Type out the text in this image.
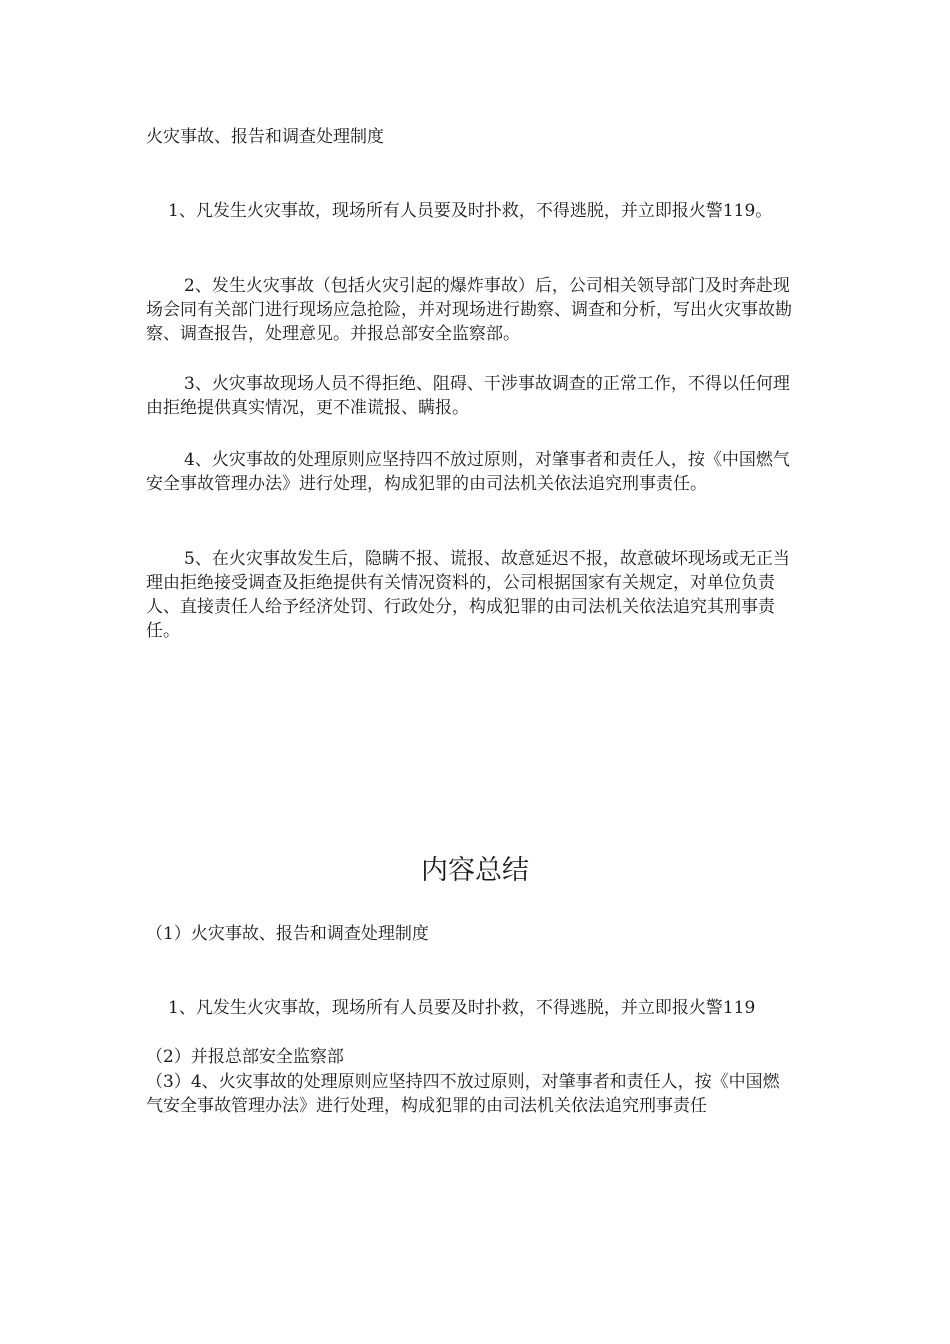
火灾事故、报告和调查处理制度

1、凡发生火灾事故，现场所有人员要及时扑救，不得逃脱，并立即报火警119。

2、发生火灾事故（包括火灾引起的爆炸事故）后，公司相关领导部门及时奔赴现场会同有关部门进行现场应急抢险，并对现场进行勘察、调查和分析，写出火灾事故勘察、调查报告，处理意见。并报总部安全监察部。

3、火灾事故现场人员不得拒绝、阻碍、干涉事故调查的正常工作，不得以任何理由拒绝提供真实情况，更不准谎报、瞒报。

4、火灾事故的处理原则应坚持四不放过原则，对肇事者和责任人，按《中国燃气安全事故管理办法》进行处理，构成犯罪的由司法机关依法追究刑事责任。

5、在火灾事故发生后，隐瞒不报、谎报、故意延迟不报，故意破坏现场或无正当理由拒绝接受调查及拒绝提供有关情况资料的，公司根据国家有关规定，对单位负责人、直接责任人给予经济处罚、行政处分，构成犯罪的由司法机关依法追究其刑事责任。

内容总结

（1）火灾事故、报告和调查处理制度

1、凡发生火灾事故，现场所有人员要及时扑救，不得逃脱，并立即报火警119

（2）并报总部安全监察部

（3）4、火灾事故的处理原则应坚持四不放过原则，对肇事者和责任人，按《中国燃气安全事故管理办法》进行处理，构成犯罪的由司法机关依法追究刑事责任
